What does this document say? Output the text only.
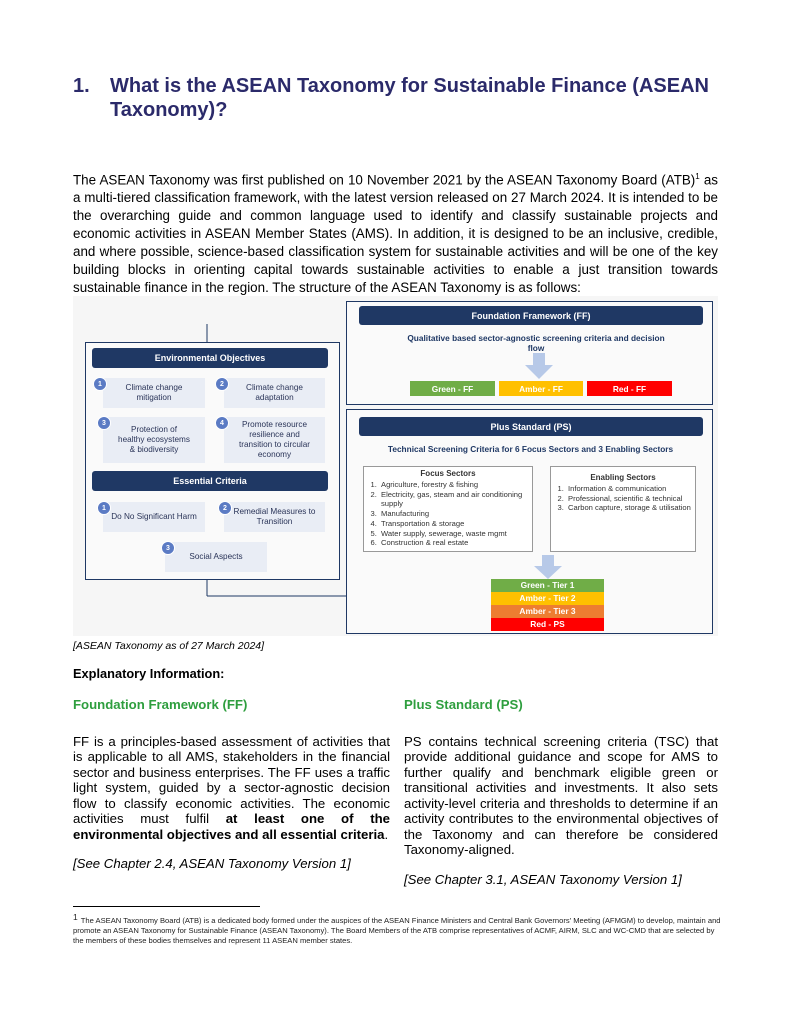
1. What is the ASEAN Taxonomy for Sustainable Finance (ASEAN Taxonomy)?

The ASEAN Taxonomy was first published on 10 November 2021 by the ASEAN Taxonomy Board (ATB)$^1$ as a multi-tiered classification framework, with the latest version released on 27 March 2024. It is intended to be the overarching guide and common language used to identify and classify sustainable projects and economic activities in ASEAN Member States (AMS). In addition, it is designed to be an inclusive, credible, and where possible, science-based classification system for sustainable activities and will be one of the key building blocks in orienting capital towards sustainable activities to enable a just transition towards sustainable finance in the region. The structure of the ASEAN Taxonomy is as follows:

Environmental Objectives
Climate change mitigation
1	Climate change adaptation
2
Protection of healthy ecosystems & biodiversity
3	Promote resource resilience and transition to circular economy
4
Essential Criteria
Do No Significant Harm
1	Remedial Measures to Transition
2
Social Aspects
3
Foundation Framework (FF)
Qualitative based sector-agnostic screening criteria and decision flow
Green - FF	Amber - FF	Red - FF
Plus Standard (PS)
Technical Screening Criteria for 6 Focus Sectors and 3 Enabling Sectors
Focus Sectors
1. Agriculture, forestry & fishing
2. Electricity, gas, steam and air conditioning supply
3. Manufacturing
4. Transportation & storage
5. Water supply, sewerage, waste mgmt
6. Construction & real estate
Enabling Sectors
1. Information & communication
2. Professional, scientific & technical
3. Carbon capture, storage & utilisation
Green - Tier 1
Amber - Tier 2
Amber - Tier 3
Red - PS
[ASEAN Taxonomy as of 27 March 2024]
Explanatory Information:
Foundation Framework (FF)

FF is a principles-based assessment of activities that is applicable to all AMS, stakeholders in the financial sector and business enterprises. The FF uses a traffic light system, guided by a sector-agnostic decision flow to classify economic activities. The economic activities must fulfil at least one of the environmental objectives and all essential criteria.

[See Chapter 2.4, ASEAN Taxonomy Version 1]

Plus Standard (PS)

PS contains technical screening criteria (TSC) that provide additional guidance and scope for AMS to further qualify and benchmark eligible green or transitional activities and investments. It also sets activity-level criteria and thresholds to determine if an activity contributes to the environmental objectives of the Taxonomy and can therefore be considered Taxonomy-aligned.

[See Chapter 3.1, ASEAN Taxonomy Version 1]

$^1$ The ASEAN Taxonomy Board (ATB) is a dedicated body formed under the auspices of the ASEAN Finance Ministers and Central Bank Governors' Meeting (AFMGM) to develop, maintain and promote an ASEAN Taxonomy for Sustainable Finance (ASEAN Taxonomy). The Board Members of the ATB comprise representatives of ACMF, AIRM, SLC and WC-CMD that are selected by the members of these bodies themselves and represent 11 ASEAN member states.
